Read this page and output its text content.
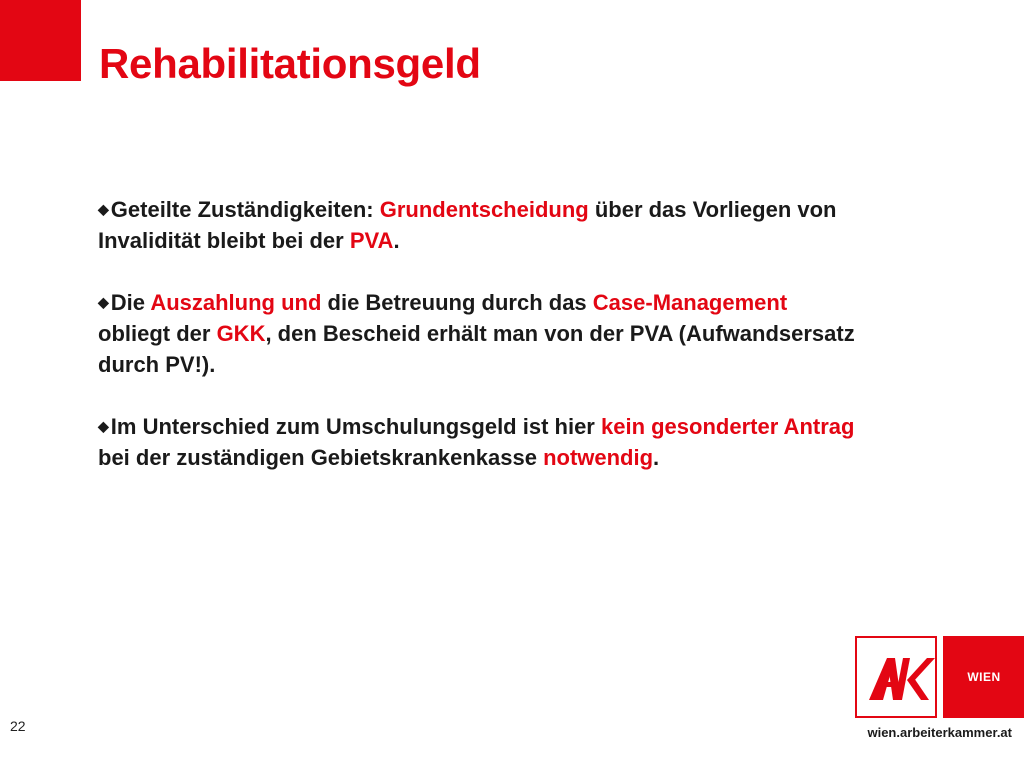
Rehabilitationsgeld

◆Geteilte Zuständigkeiten: Grundentscheidung über das Vorliegen von Invalidität bleibt bei der PVA.

◆Die Auszahlung und die Betreuung durch das Case-Management obliegt der GKK, den Bescheid erhält man von der PVA (Aufwandsersatz durch PV!).

◆Im Unterschied zum Umschulungsgeld ist hier kein gesonderter Antrag bei der zuständigen Gebietskrankenkasse notwendig.

22
WIEN
wien.arbeiterkammer.at
